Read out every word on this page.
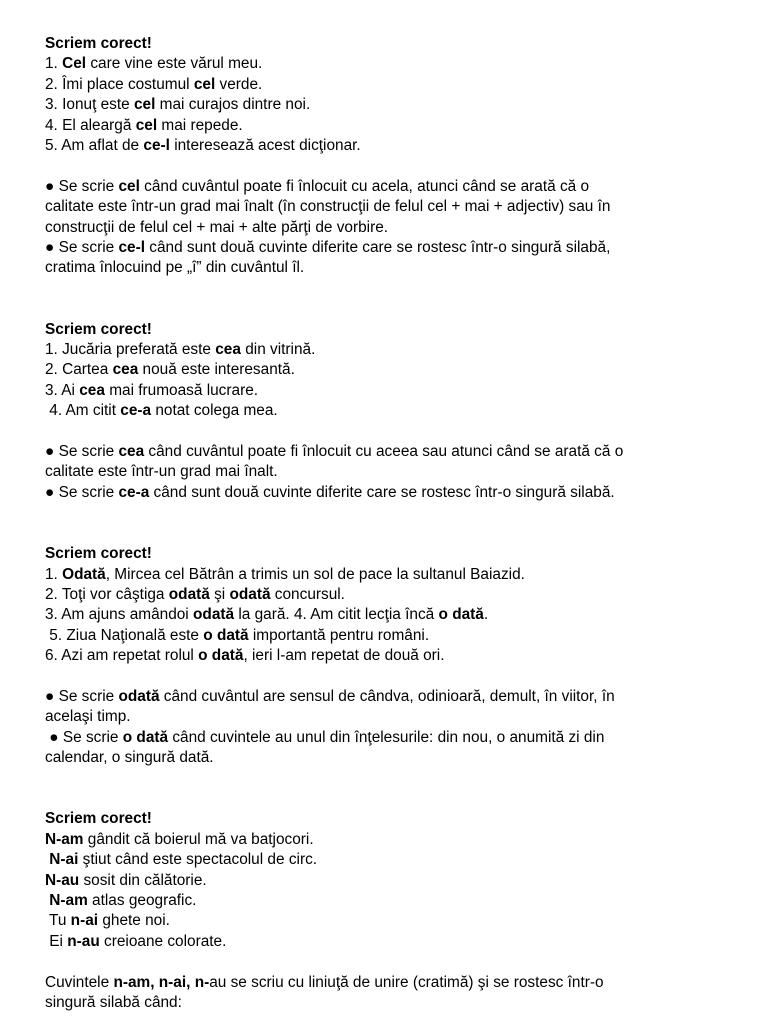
Scriem corect!
1. Cel care vine este vărul meu.
2. Îmi place costumul cel verde.
3. Ionuţ este cel mai curajos dintre noi.
4. El aleargă cel mai repede.
5. Am aflat de ce-l interesează acest dicţionar.
● Se scrie cel când cuvântul poate fi înlocuit cu acela, atunci când se arată că o
calitate este într-un grad mai înalt (în construcţii de felul cel + mai + adjectiv) sau în
construcţii de felul cel + mai + alte părţi de vorbire.
● Se scrie ce-l când sunt două cuvinte diferite care se rostesc într-o singură silabă,
cratima înlocuind pe „î” din cuvântul îl.
Scriem corect!
1. Jucăria preferată este cea din vitrină.
2. Cartea cea nouă este interesantă.
3. Ai cea mai frumoasă lucrare.
4. Am citit ce-a notat colega mea.
● Se scrie cea când cuvântul poate fi înlocuit cu aceea sau atunci când se arată că o
calitate este într-un grad mai înalt.
● Se scrie ce-a când sunt două cuvinte diferite care se rostesc într-o singură silabă.
Scriem corect!
1. Odată, Mircea cel Bătrân a trimis un sol de pace la sultanul Baiazid.
2. Toţi vor câştiga odată şi odată concursul.
3. Am ajuns amândoi odată la gară. 4. Am citit lecţia încă o dată.
5. Ziua Naţională este o dată importantă pentru români.
6. Azi am repetat rolul o dată, ieri l-am repetat de două ori.
● Se scrie odată când cuvântul are sensul de cândva, odinioară, demult, în viitor, în
acelaşi timp.
● Se scrie o dată când cuvintele au unul din înţelesurile: din nou, o anumită zi din
calendar, o singură dată.
Scriem corect!
N-am gândit că boierul mă va batjocori.
N-ai ştiut când este spectacolul de circ.
N-au sosit din călătorie.
N-am atlas geografic.
Tu n-ai ghete noi.
Ei n-au creioane colorate.
Cuvintele n-am, n-ai, n-au se scriu cu liniuţă de unire (cratimă) şi se rostesc într-o
singură silabă când:
